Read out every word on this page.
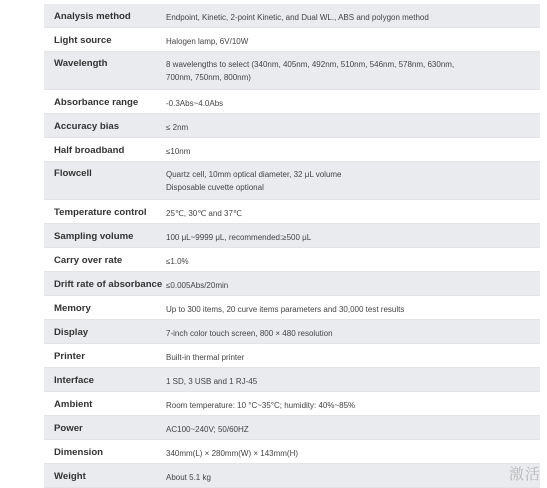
Analysis method	Endpoint, Kinetic, 2-point Kinetic, and Dual WL., ABS and polygon method
Light source	Halogen lamp, 6V/10W
Wavelength	8 wavelengths to select (340nm, 405nm, 492nm, 510nm, 546nm, 578nm, 630nm,
700nm, 750nm, 800nm)
Absorbance range	-0.3Abs~4.0Abs
Accuracy bias	≤ 2nm
Half broadband	≤10nm
Flowcell	Quartz cell, 10mm optical diameter, 32 μL volume
Disposable cuvette optional
Temperature control	25℃, 30℃ and 37℃
Sampling volume	100 μL~9999 μL, recommended:≥500 μL
Carry over rate	≤1.0%
Drift rate of absorbance ≤0.005Abs/20min
Memory	Up to 300 items, 20 curve items parameters and 30,000 test results
Display	7-inch color touch screen, 800 × 480 resolution
Printer	Built-in thermal printer
Interface	1 SD, 3 USB and 1 RJ-45
Ambient	Room temperature: 10 °C~35°C; humidity: 40%~85%
Power	AC100~240V; 50/60HZ
Dimension	340mm(L) × 280mm(W) × 143mm(H)
Weight	About 5.1 kg	激活
